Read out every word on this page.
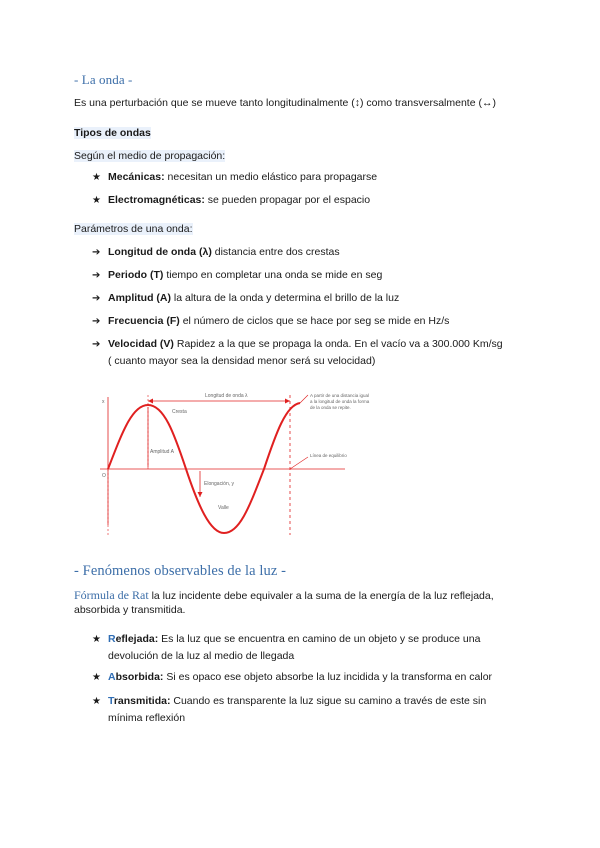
- La onda -
Es una perturbación que se mueve tanto longitudinalmente (↕) como transversalmente (↔)
Tipos de ondas
Según el medio de propagación:
★ Mecánicas: necesitan un medio elástico para propagarse
★ Electromagnéticas: se pueden propagar por el espacio
Parámetros de una onda:
➔ Longitud de onda (λ) distancia entre dos crestas
➔ Periodo (T) tiempo en completar una onda se mide en seg
➔ Amplitud (A) la altura de la onda y determina el brillo de la luz
➔ Frecuencia (F) el número de ciclos que se hace por seg se mide en Hz/s
➔ Velocidad (V) Rapidez a la que se propaga la onda. En el vacío va a 300.000 Km/sg
( cuanto mayor sea la densidad menor será su velocidad)
Longitud de onda λ
Cresta
Amplitud A
Elongación, y
Valle
x
O
A partir de una distancia igual
a la longitud de onda la forma
de la onda se repite.
Línea de equilibrio
- Fenómenos observables de la luz -
Fórmula de Rat la luz incidente debe equivaler a la suma de la energía de la luz reflejada,
absorbida y transmitida.
★ Reflejada: Es la luz que se encuentra en camino de un objeto y se produce una
devolución de la luz al medio de llegada
★ Absorbida: Si es opaco ese objeto absorbe la luz incidida y la transforma en calor
★ Transmitida: Cuando es transparente la luz sigue su camino a través de este sin
mínima reflexión
